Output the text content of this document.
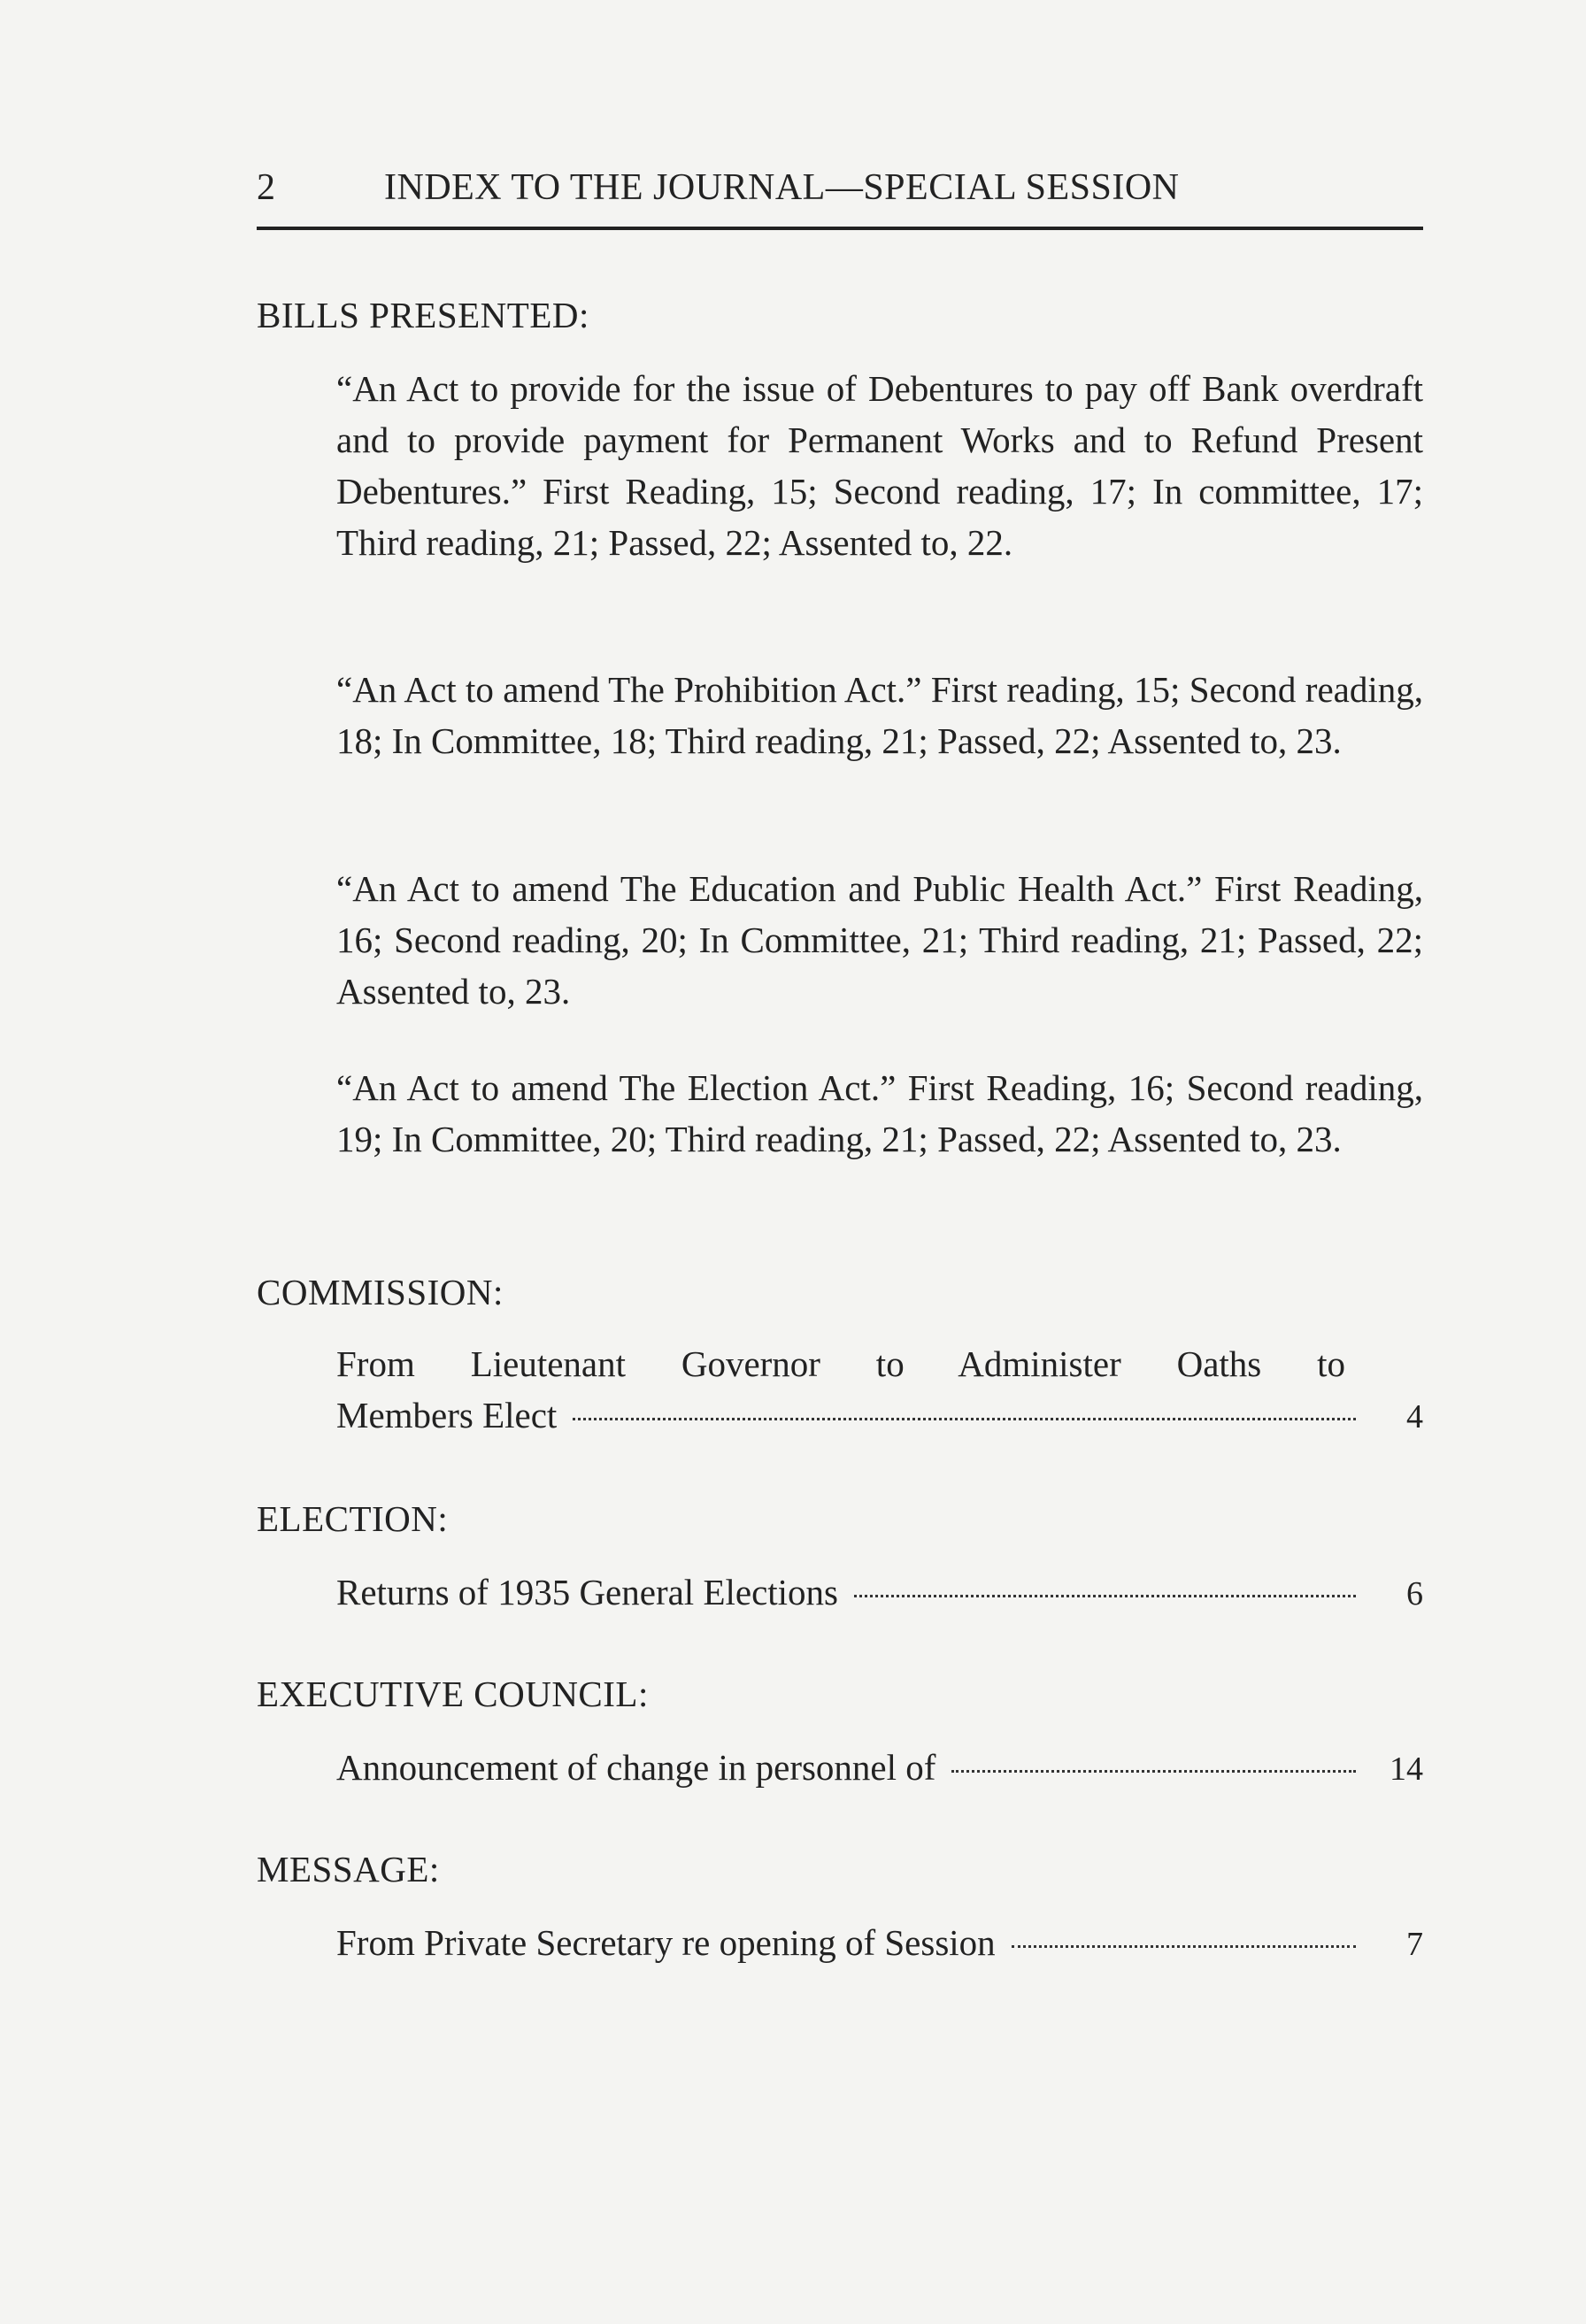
2	INDEX TO THE JOURNAL—SPECIAL SESSION
BILLS PRESENTED:
“An Act to provide for the issue of Debentures to pay off Bank overdraft and to provide payment for Permanent Works and to Refund Present Debentures.” First Reading, 15; Second reading, 17; In committee, 17; Third reading, 21; Passed, 22; Assented to, 22.
“An Act to amend The Prohibition Act.” First reading, 15; Second reading, 18; In Committee, 18; Third reading, 21; Passed, 22; Assented to, 23.
“An Act to amend The Education and Public Health Act.” First Reading, 16; Second reading, 20; In Committee, 21; Third reading, 21; Passed, 22; Assented to, 23.
“An Act to amend The Election Act.” First Reading, 16; Second reading, 19; In Committee, 20; Third reading, 21; Passed, 22; Assented to, 23.
COMMISSION:
From Lieutenant Governor to Administer Oaths to
Members Elect	4
ELECTION:
Returns of 1935 General Elections	6
EXECUTIVE COUNCIL:
Announcement of change in personnel of	14
MESSAGE:
From Private Secretary re opening of Session	7
